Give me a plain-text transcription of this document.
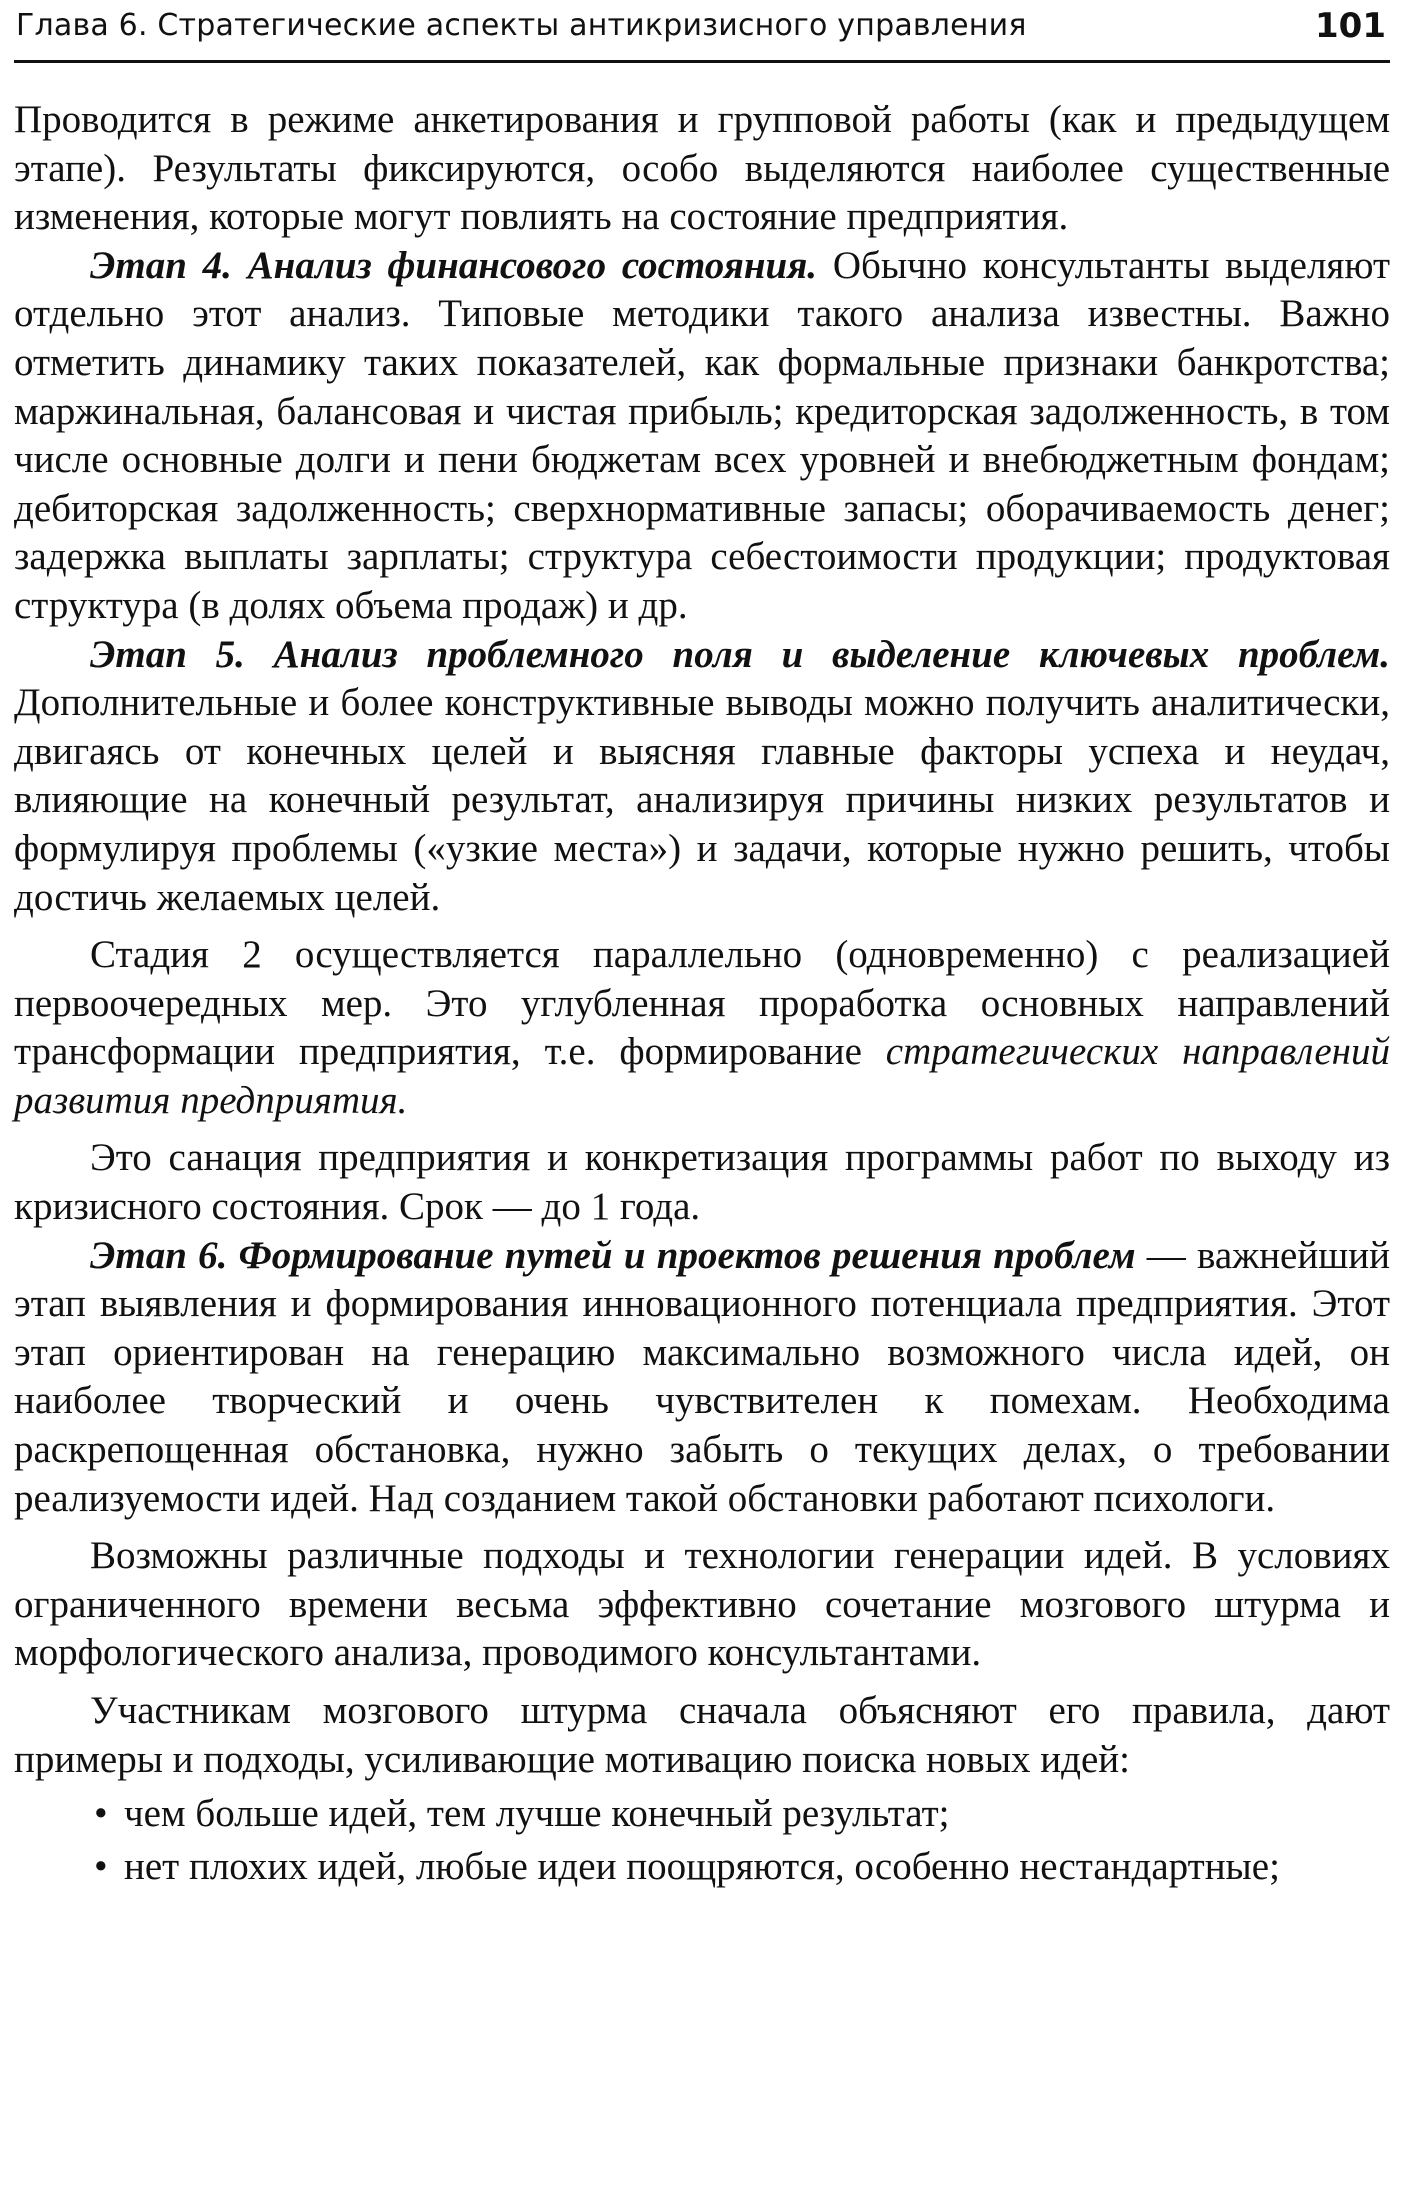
Глава 6. Стратегические аспекты антикризисного управления	101

Проводится в режиме анкетирования и групповой работы (как и предыдущем этапе). Результаты фиксируются, особо выделяются наиболее существенные изменения, которые могут повлиять на состояние предприятия.

Этап 4. Анализ финансового состояния. Обычно консультанты выделяют отдельно этот анализ. Типовые методики такого анализа известны. Важно отметить динамику таких показателей, как формальные признаки банкротства; маржинальная, балансовая и чистая прибыль; кредиторская задолженность, в том числе основные долги и пени бюджетам всех уровней и внебюджетным фондам; дебиторская задолженность; сверхнормативные запасы; оборачиваемость денег; задержка выплаты зарплаты; структура себестоимости продукции; продуктовая структура (в долях объема продаж) и др.

Этап 5. Анализ проблемного поля и выделение ключевых проблем. Дополнительные и более конструктивные выводы можно получить аналитически, двигаясь от конечных целей и выясняя главные факторы успеха и неудач, влияющие на конечный результат, анализируя причины низких результатов и формулируя проблемы («узкие места») и задачи, которые нужно решить, чтобы достичь желаемых целей.

Стадия 2 осуществляется параллельно (одновременно) с реализацией первоочередных мер. Это углубленная проработка основных направлений трансформации предприятия, т.е. формирование стратегических направлений развития предприятия.

Это санация предприятия и конкретизация программы работ по выходу из кризисного состояния. Срок — до 1 года.

Этап 6. Формирование путей и проектов решения проблем — важнейший этап выявления и формирования инновационного потенциала предприятия. Этот этап ориентирован на генерацию максимально возможного числа идей, он наиболее творческий и очень чувствителен к помехам. Необходима раскрепощенная обстановка, нужно забыть о текущих делах, о требовании реализуемости идей. Над созданием такой обстановки работают психологи.

Возможны различные подходы и технологии генерации идей. В условиях ограниченного времени весьма эффективно сочетание мозгового штурма и морфологического анализа, проводимого консультантами.

Участникам мозгового штурма сначала объясняют его правила, дают примеры и подходы, усиливающие мотивацию поиска новых идей:

• чем больше идей, тем лучше конечный результат;
• нет плохих идей, любые идеи поощряются, особенно нестандартные;
